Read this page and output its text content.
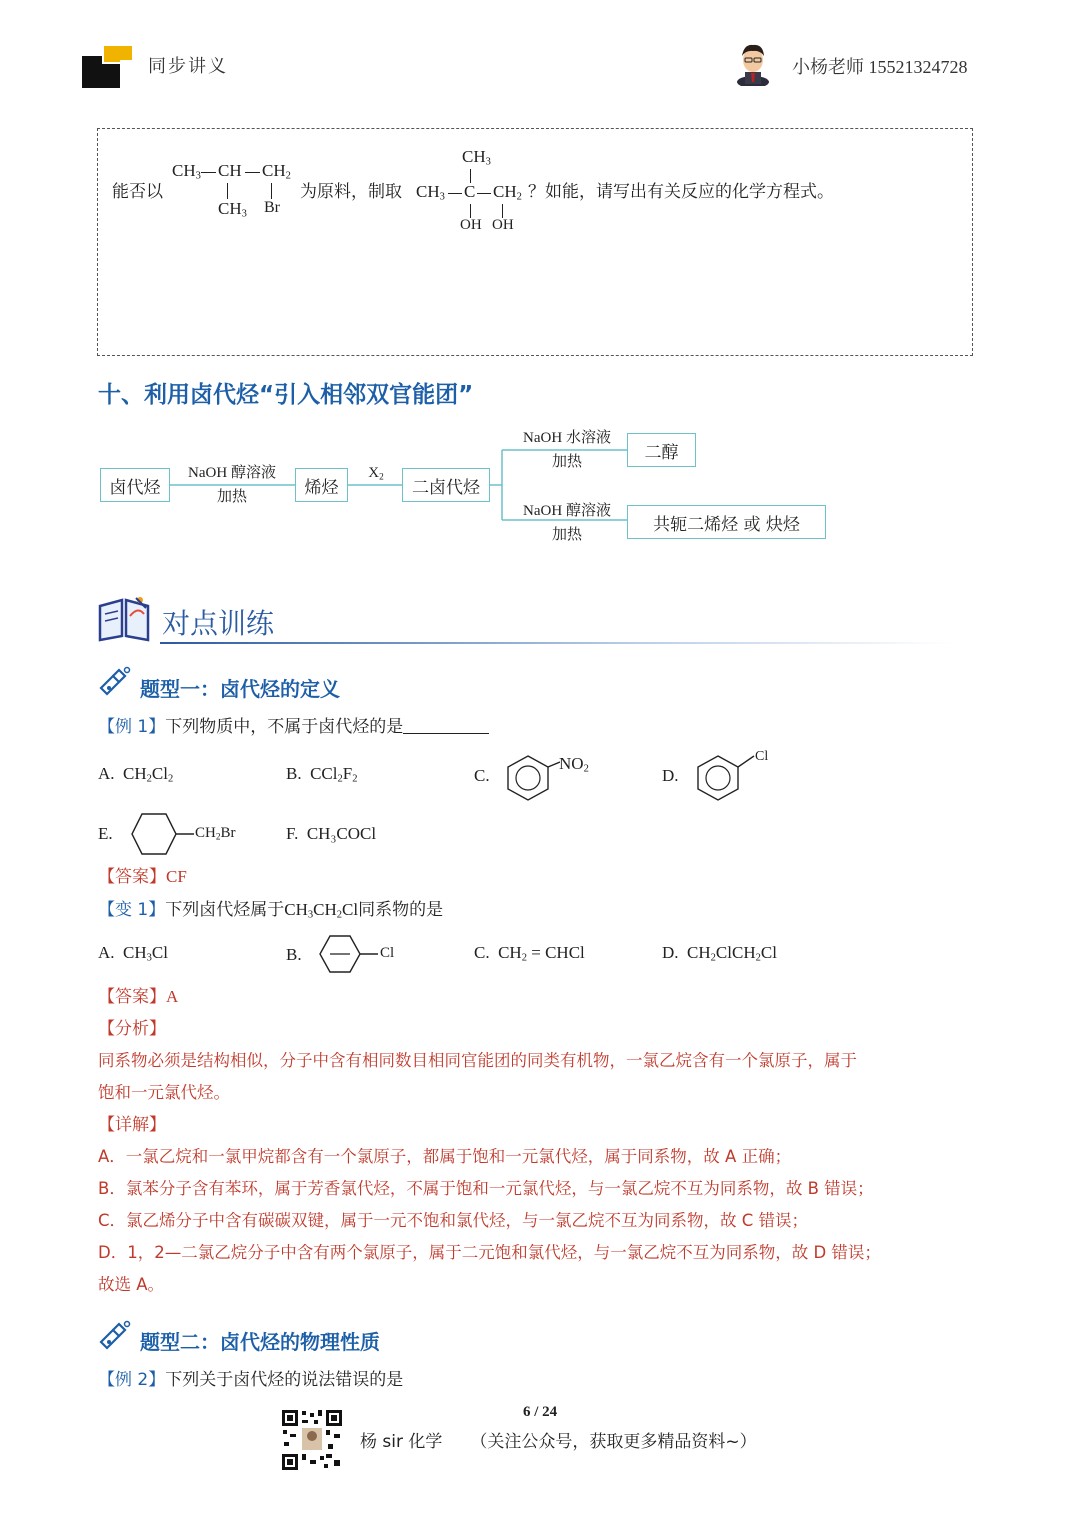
同步讲义	小杨老师 15521324728
能否以
$CH_3$ CH $CH_2$
$CH_3$ Br
为原料，制取
$CH_3$
$CH_3$ C $CH_2$
OH OH
？如能，请写出有关反应的化学方程式。
十、利用卤代烃“引入相邻双官能团”
卤代烃
NaOH 醇溶液
加热	烯烃
$X_2$
二卤代烃
NaOH 水溶液
加热	二醇
NaOH 醇溶液
加热	共轭二烯烃 或 炔烃
对点训练
题型一：卤代烃的定义
【例 1】下列物质中，不属于卤代烃的是
A. $CH_2Cl_2$	B. $CCl_2F_2$	C.
$NO_2$	D.
Cl
E.	$CH_2Br$	F. CH₃COCl
【答案】CF
【变 1】下列卤代烃属于$CH_3CH_2Cl$同系物的是
A. $CH_3Cl$	B.	Cl	C. $CH_2$ = CHCl	D. $CH_2ClCH_2Cl$
【答案】A
【分析】
同系物必须是结构相似，分子中含有相同数目相同官能团的同类有机物，一氯乙烷含有一个氯原子，属于
饱和一元氯代烃。
【详解】
A．一氯乙烷和一氯甲烷都含有一个氯原子，都属于饱和一元氯代烃，属于同系物，故 A 正确；
B．氯苯分子含有苯环，属于芳香氯代烃，不属于饱和一元氯代烃，与一氯乙烷不互为同系物，故 B 错误；
C．氯乙烯分子中含有碳碳双键，属于一元不饱和氯代烃，与一氯乙烷不互为同系物，故 C 错误；
D．1，2—二氯乙烷分子中含有两个氯原子，属于二元饱和氯代烃，与一氯乙烷不互为同系物，故 D 错误；
故选 A。
题型二：卤代烃的物理性质
【例 2】下列关于卤代烃的说法错误的是
6 / 24
杨 sir 化学 （关注公众号，获取更多精品资料~）
